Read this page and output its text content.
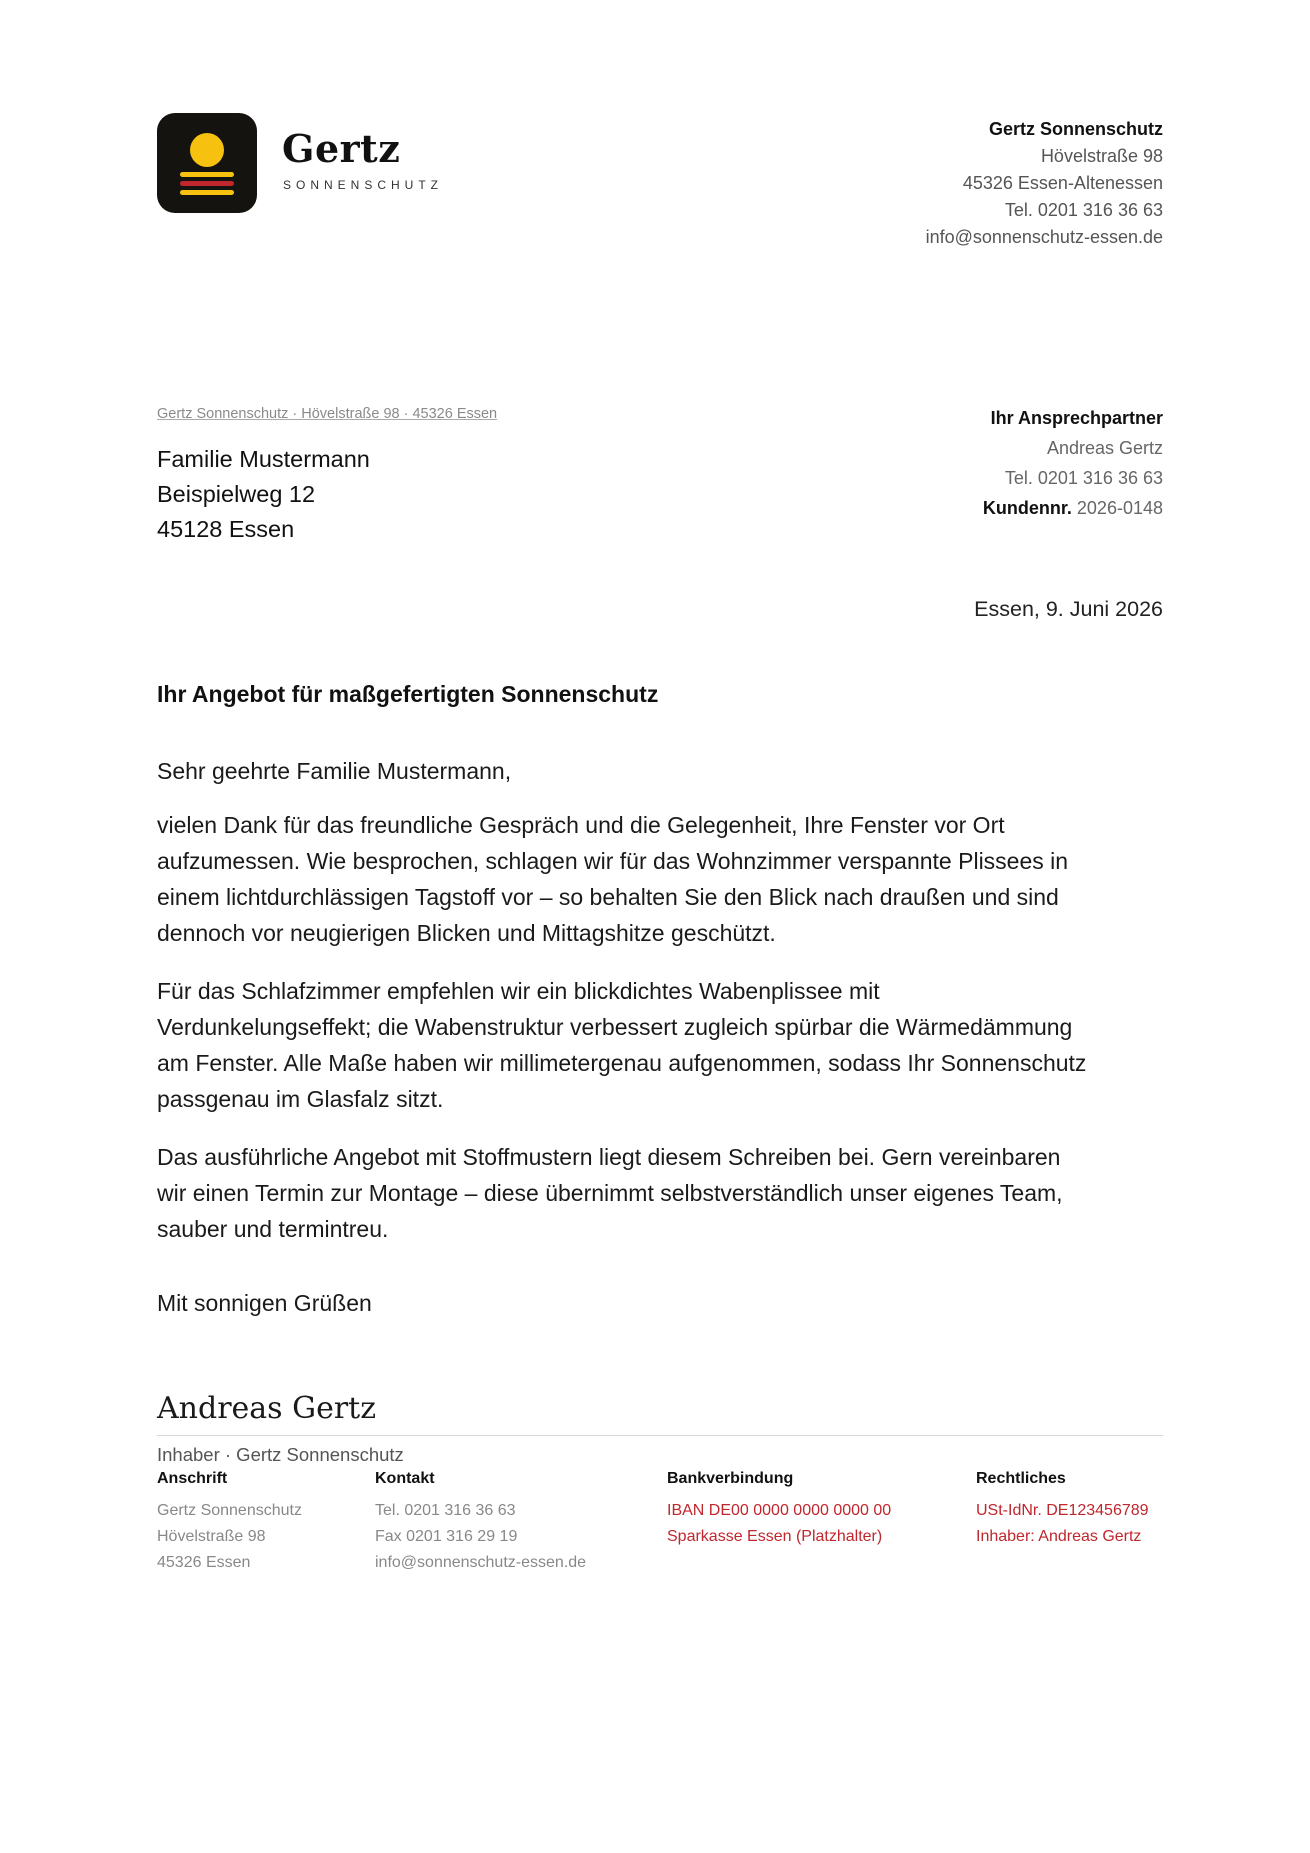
Gertz
SONNENSCHUTZ
Gertz Sonnenschutz
Hövelstraße 98
45326 Essen-Altenessen
Tel. 0201 316 36 63
info@sonnenschutz-essen.de
Gertz Sonnenschutz · Hövelstraße 98 · 45326 Essen
Familie Mustermann
Beispielweg 12
45128 Essen
Ihr Ansprechpartner
Andreas Gertz
Tel. 0201 316 36 63
Kundennr. 2026-0148
Essen, 9. Juni 2026
Ihr Angebot für maßgefertigten Sonnenschutz

Sehr geehrte Familie Mustermann,

vielen Dank für das freundliche Gespräch und die Gelegenheit, Ihre Fenster vor Ort aufzumessen. Wie besprochen, schlagen wir für das Wohnzimmer verspannte Plissees in einem lichtdurchlässigen Tagstoff vor – so behalten Sie den Blick nach draußen und sind dennoch vor neugierigen Blicken und Mittagshitze geschützt.

Für das Schlafzimmer empfehlen wir ein blickdichtes Wabenplissee mit Verdunkelungseffekt; die Wabenstruktur verbessert zugleich spürbar die Wärmedämmung am Fenster. Alle Maße haben wir millimetergenau aufgenommen, sodass Ihr Sonnenschutz passgenau im Glasfalz sitzt.

Das ausführliche Angebot mit Stoffmustern liegt diesem Schreiben bei. Gern vereinbaren wir einen Termin zur Montage – diese übernimmt selbstverständlich unser eigenes Team, sauber und termintreu.

Mit sonnigen Grüßen
Andreas Gertz
Inhaber · Gertz Sonnenschutz
Anschrift
Gertz Sonnenschutz
Hövelstraße 98
45326 Essen
Kontakt
Tel. 0201 316 36 63
Fax 0201 316 29 19
info@sonnenschutz-essen.de
Bankverbindung
IBAN DE00 0000 0000 0000 00
Sparkasse Essen (Platzhalter)
Rechtliches
USt-IdNr. DE123456789
Inhaber: Andreas Gertz
